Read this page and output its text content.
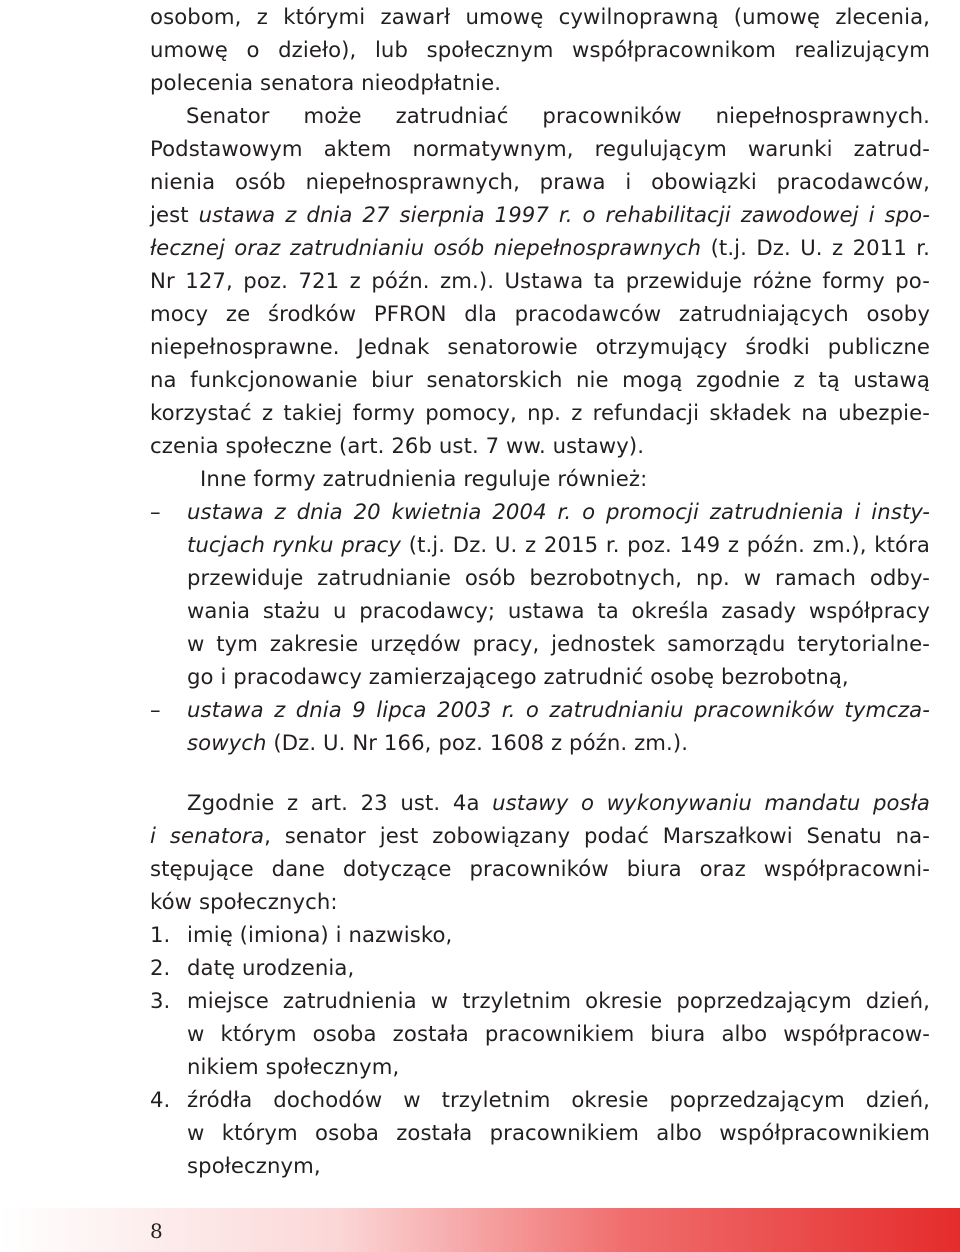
osobom, z którymi zawarł umowę cywilnoprawną (umowę zlecenia,

umowę o dzieło), lub społecznym współpracownikom realizującym

polecenia senatora nieodpłatnie.

Senator może zatrudniać pracowników niepełnosprawnych.

Podstawowym aktem normatywnym, regulującym warunki zatrud-

nienia osób niepełnosprawnych, prawa i obowiązki pracodawców,

jest ustawa z dnia 27 sierpnia 1997 r. o rehabilitacji zawodowej i spo-

łecznej oraz zatrudnianiu osób niepełnosprawnych (t.j. Dz. U. z 2011 r.

Nr 127, poz. 721 z późn. zm.). Ustawa ta przewiduje różne formy po-

mocy ze środków PFRON dla pracodawców zatrudniających osoby

niepełnosprawne. Jednak senatorowie otrzymujący środki publiczne

na funkcjonowanie biur senatorskich nie mogą zgodnie z tą ustawą

korzystać z takiej formy pomocy, np. z refundacji składek na ubezpie-

czenia społeczne (art. 26b ust. 7 ww. ustawy).

Inne formy zatrudnienia reguluje również:

–	ustawa z dnia 20 kwietnia 2004 r. o promocji zatrudnienia i insty-

tucjach rynku pracy (t.j. Dz. U. z 2015 r. poz. 149 z późn. zm.), która

przewiduje zatrudnianie osób bezrobotnych, np. w ramach odby-

wania stażu u pracodawcy; ustawa ta określa zasady współpracy

w tym zakresie urzędów pracy, jednostek samorządu terytorialne-

go i pracodawcy zamierzającego zatrudnić osobę bezrobotną,

–	ustawa z dnia 9 lipca 2003 r. o zatrudnianiu pracowników tymcza-

sowych (Dz. U. Nr 166, poz. 1608 z późn. zm.).

Zgodnie z art. 23 ust. 4a ustawy o wykonywaniu mandatu posła

i senatora, senator jest zobowiązany podać Marszałkowi Senatu na-

stępujące dane dotyczące pracowników biura oraz współpracowni-

ków społecznych:

1. imię (imiona) i nazwisko,

2. datę urodzenia,

3. miejsce zatrudnienia w trzyletnim okresie poprzedzającym dzień,

w którym osoba została pracownikiem biura albo współpracow-

nikiem społecznym,

4. źródła dochodów w trzyletnim okresie poprzedzającym dzień,

w którym osoba została pracownikiem albo współpracownikiem

społecznym,

8
